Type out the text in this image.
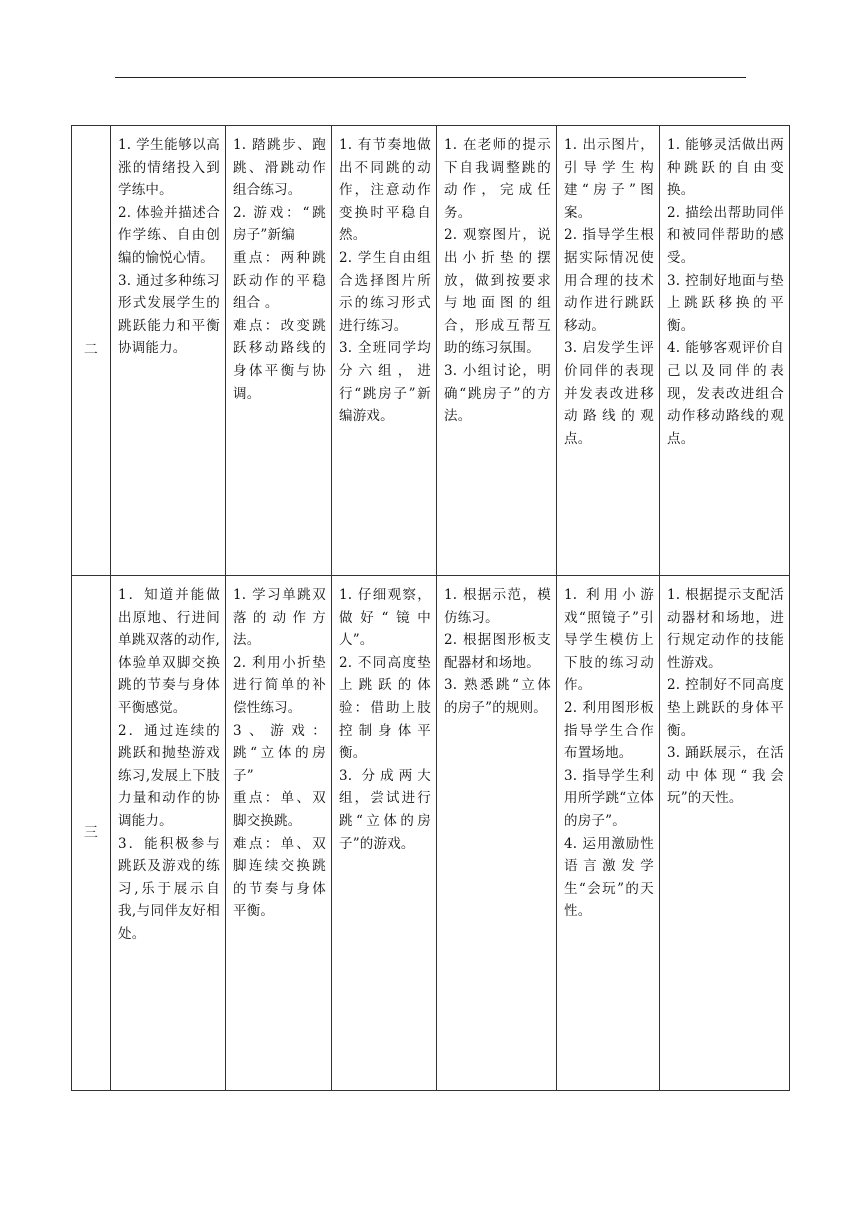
二	1. 学生能够以高涨的情绪投入到学练中。
2. 体验并描述合作学练、自由创编的愉悦心情。
3. 通过多种练习形式发展学生的跳跃能力和平衡协调能力。	1. 踏跳步、跑跳、滑跳动作组合练习。
2. 游戏：“跳房子”新编
重点：两种跳跃动作的平稳组合 。
难点：改变跳跃移动路线的身体平衡与协调。	1. 有节奏地做出不同跳的动作，注意动作变换时平稳自然。
2. 学生自由组合选择图片所示的练习形式进行练习。
3. 全班同学均分六组，进行“跳房子”新编游戏。	1. 在老师的提示下自我调整跳的动作，完成任务。
2. 观察图片，说出小折垫的摆放，做到按要求与地面图的组合，形成互帮互助的练习氛围。
3. 小组讨论，明确“跳房子”的方法。	1. 出示图片，引导学生构建“房子”图案。
2. 指导学生根据实际情况使用合理的技术动作进行跳跃移动。
3. 启发学生评价同伴的表现并发表改进移动路线的观点。	1. 能够灵活做出两种跳跃的自由变换。
2. 描绘出帮助同伴和被同伴帮助的感受。
3. 控制好地面与垫上跳跃移换的平衡。
4. 能够客观评价自己以及同伴的表现，发表改进组合动作移动路线的观点。

三	1．知道并能做出原地、行进间单跳双落的动作,体验单双脚交换跳的节奏与身体平衡感觉。
2．通过连续的跳跃和抛垫游戏练习,发展上下肢力量和动作的协调能力。
3．能积极参与跳跃及游戏的练习,乐于展示自我,与同伴友好相处。	1. 学习单跳双落的动作方法。
2. 利用小折垫进行简单的补偿性练习。
3、游戏：跳“立体的房子”
重点：单、双脚交换跳。
难点：单、双脚连续交换跳的节奏与身体平衡。	1. 仔细观察，做好“镜中人”。
2. 不同高度垫上跳跃的体验：借助上肢控制身体平衡。
3. 分成两大组，尝试进行跳“立体的房子”的游戏。	1. 根据示范，模仿练习。
2. 根据图形板支配器材和场地。
3. 熟悉跳“立体的房子”的规则。	1. 利用小游戏“照镜子”引导学生模仿上下肢的练习动作。
2. 利用图形板指导学生合作布置场地。
3. 指导学生利用所学跳“立体的房子”。
4. 运用激励性语言激发学生“会玩”的天性。	1. 根据提示支配活动器材和场地，进行规定动作的技能性游戏。
2. 控制好不同高度垫上跳跃的身体平衡。
3. 踊跃展示，在活动中体现“我会玩”的天性。
